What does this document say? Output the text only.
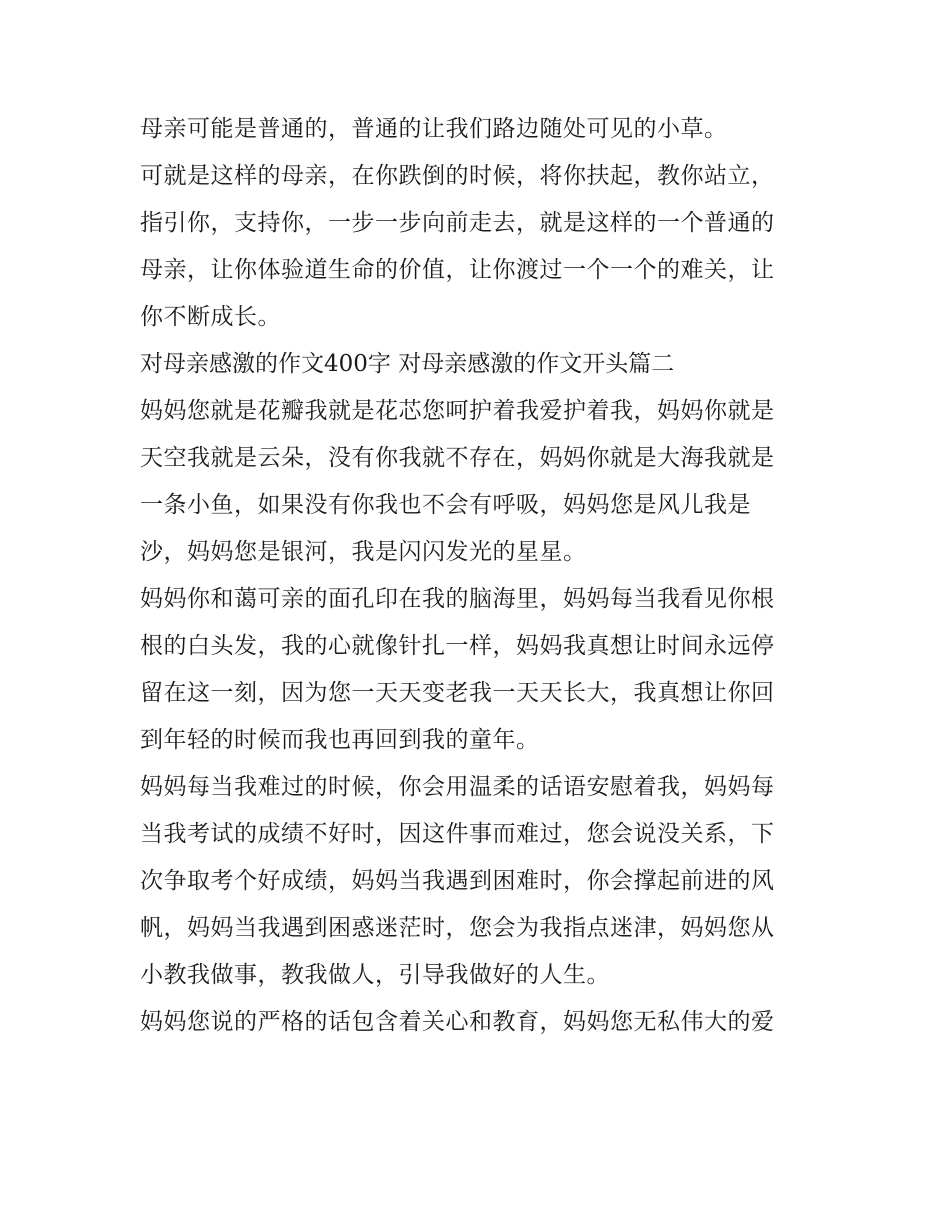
母亲可能是普通的，普通的让我们路边随处可见的小草。
可就是这样的母亲，在你跌倒的时候，将你扶起，教你站立，
指引你，支持你，一步一步向前走去，就是这样的一个普通的
母亲，让你体验道生命的价值，让你渡过一个一个的难关，让
你不断成长。
对母亲感激的作文400字 对母亲感激的作文开头篇二
妈妈您就是花瓣我就是花芯您呵护着我爱护着我，妈妈你就是
天空我就是云朵，没有你我就不存在，妈妈你就是大海我就是
一条小鱼，如果没有你我也不会有呼吸，妈妈您是风儿我是
沙，妈妈您是银河，我是闪闪发光的星星。
妈妈你和蔼可亲的面孔印在我的脑海里，妈妈每当我看见你根
根的白头发，我的心就像针扎一样，妈妈我真想让时间永远停
留在这一刻，因为您一天天变老我一天天长大，我真想让你回
到年轻的时候而我也再回到我的童年。
妈妈每当我难过的时候，你会用温柔的话语安慰着我，妈妈每
当我考试的成绩不好时，因这件事而难过，您会说没关系，下
次争取考个好成绩，妈妈当我遇到困难时，你会撑起前进的风
帆，妈妈当我遇到困惑迷茫时，您会为我指点迷津，妈妈您从
小教我做事，教我做人，引导我做好的人生。
妈妈您说的严格的话包含着关心和教育，妈妈您无私伟大的爱
